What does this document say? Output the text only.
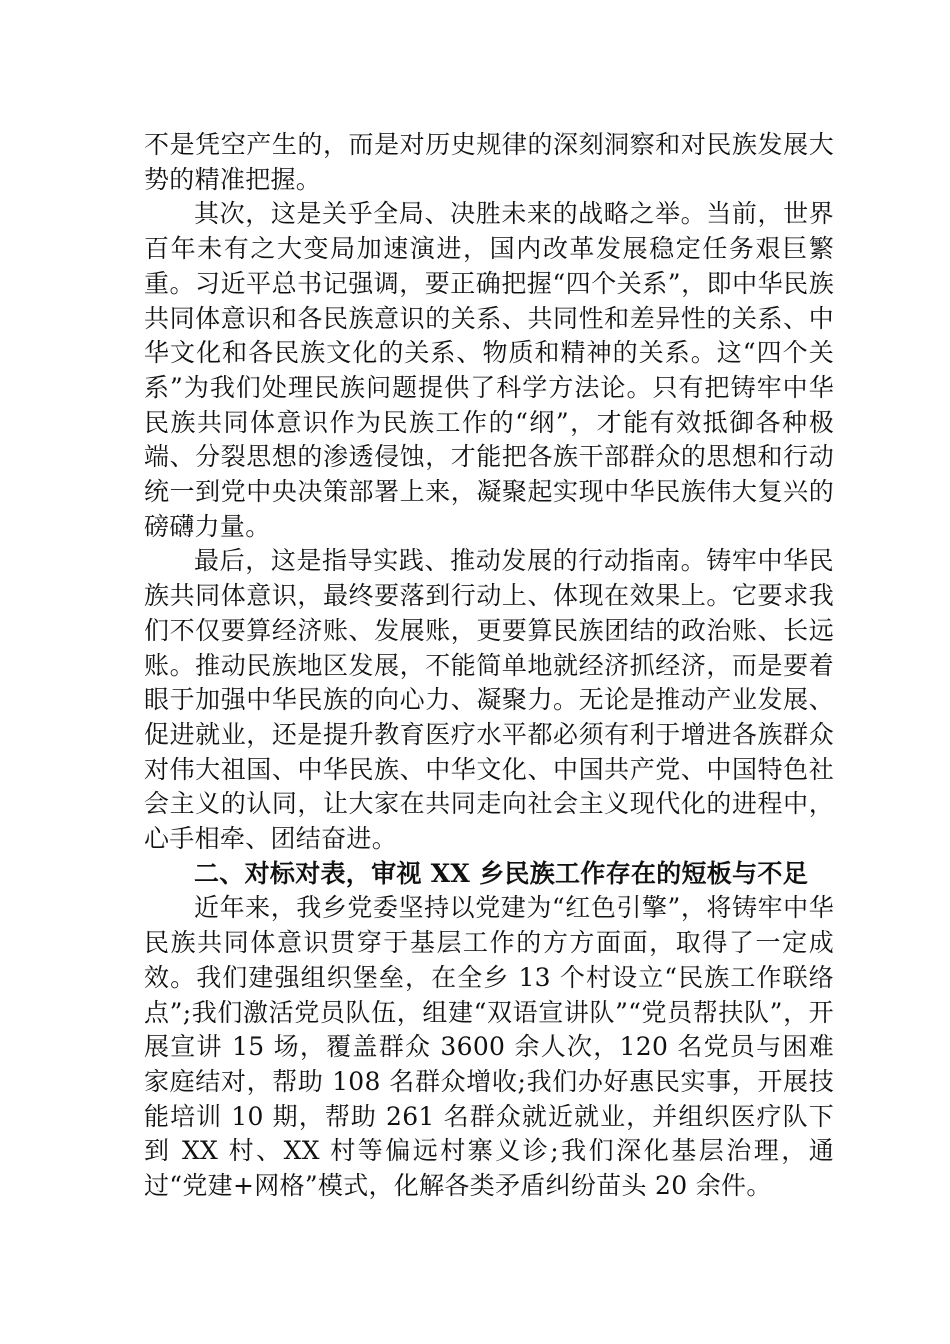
不是凭空产生的，而是对历史规律的深刻洞察和对民族发展大势的精准把握。

其次，这是关乎全局、决胜未来的战略之举。当前，世界百年未有之大变局加速演进，国内改革发展稳定任务艰巨繁重。习近平总书记强调，要正确把握“四个关系”，即中华民族共同体意识和各民族意识的关系、共同性和差异性的关系、中华文化和各民族文化的关系、物质和精神的关系。这“四个关系”为我们处理民族问题提供了科学方法论。只有把铸牢中华民族共同体意识作为民族工作的“纲”，才能有效抵御各种极端、分裂思想的渗透侵蚀，才能把各族干部群众的思想和行动统一到党中央决策部署上来，凝聚起实现中华民族伟大复兴的磅礴力量。

最后，这是指导实践、推动发展的行动指南。铸牢中华民族共同体意识，最终要落到行动上、体现在效果上。它要求我们不仅要算经济账、发展账，更要算民族团结的政治账、长远账。推动民族地区发展，不能简单地就经济抓经济，而是要着眼于加强中华民族的向心力、凝聚力。无论是推动产业发展、促进就业，还是提升教育医疗水平都必须有利于增进各族群众对伟大祖国、中华民族、中华文化、中国共产党、中国特色社会主义的认同，让大家在共同走向社会主义现代化的进程中，心手相牵、团结奋进。

二、对标对表，审视 XX 乡民族工作存在的短板与不足

近年来，我乡党委坚持以党建为“红色引擎”，将铸牢中华民族共同体意识贯穿于基层工作的方方面面，取得了一定成效。我们建强组织堡垒，在全乡 13 个村设立“民族工作联络点”;我们激活党员队伍，组建“双语宣讲队”“党员帮扶队”，开展宣讲 15 场，覆盖群众 3600 余人次，120 名党员与困难家庭结对，帮助 108 名群众增收;我们办好惠民实事，开展技能培训 10 期，帮助 261 名群众就近就业，并组织医疗队下到 XX 村、XX 村等偏远村寨义诊;我们深化基层治理，通过“党建+网格”模式，化解各类矛盾纠纷苗头 20 余件。
